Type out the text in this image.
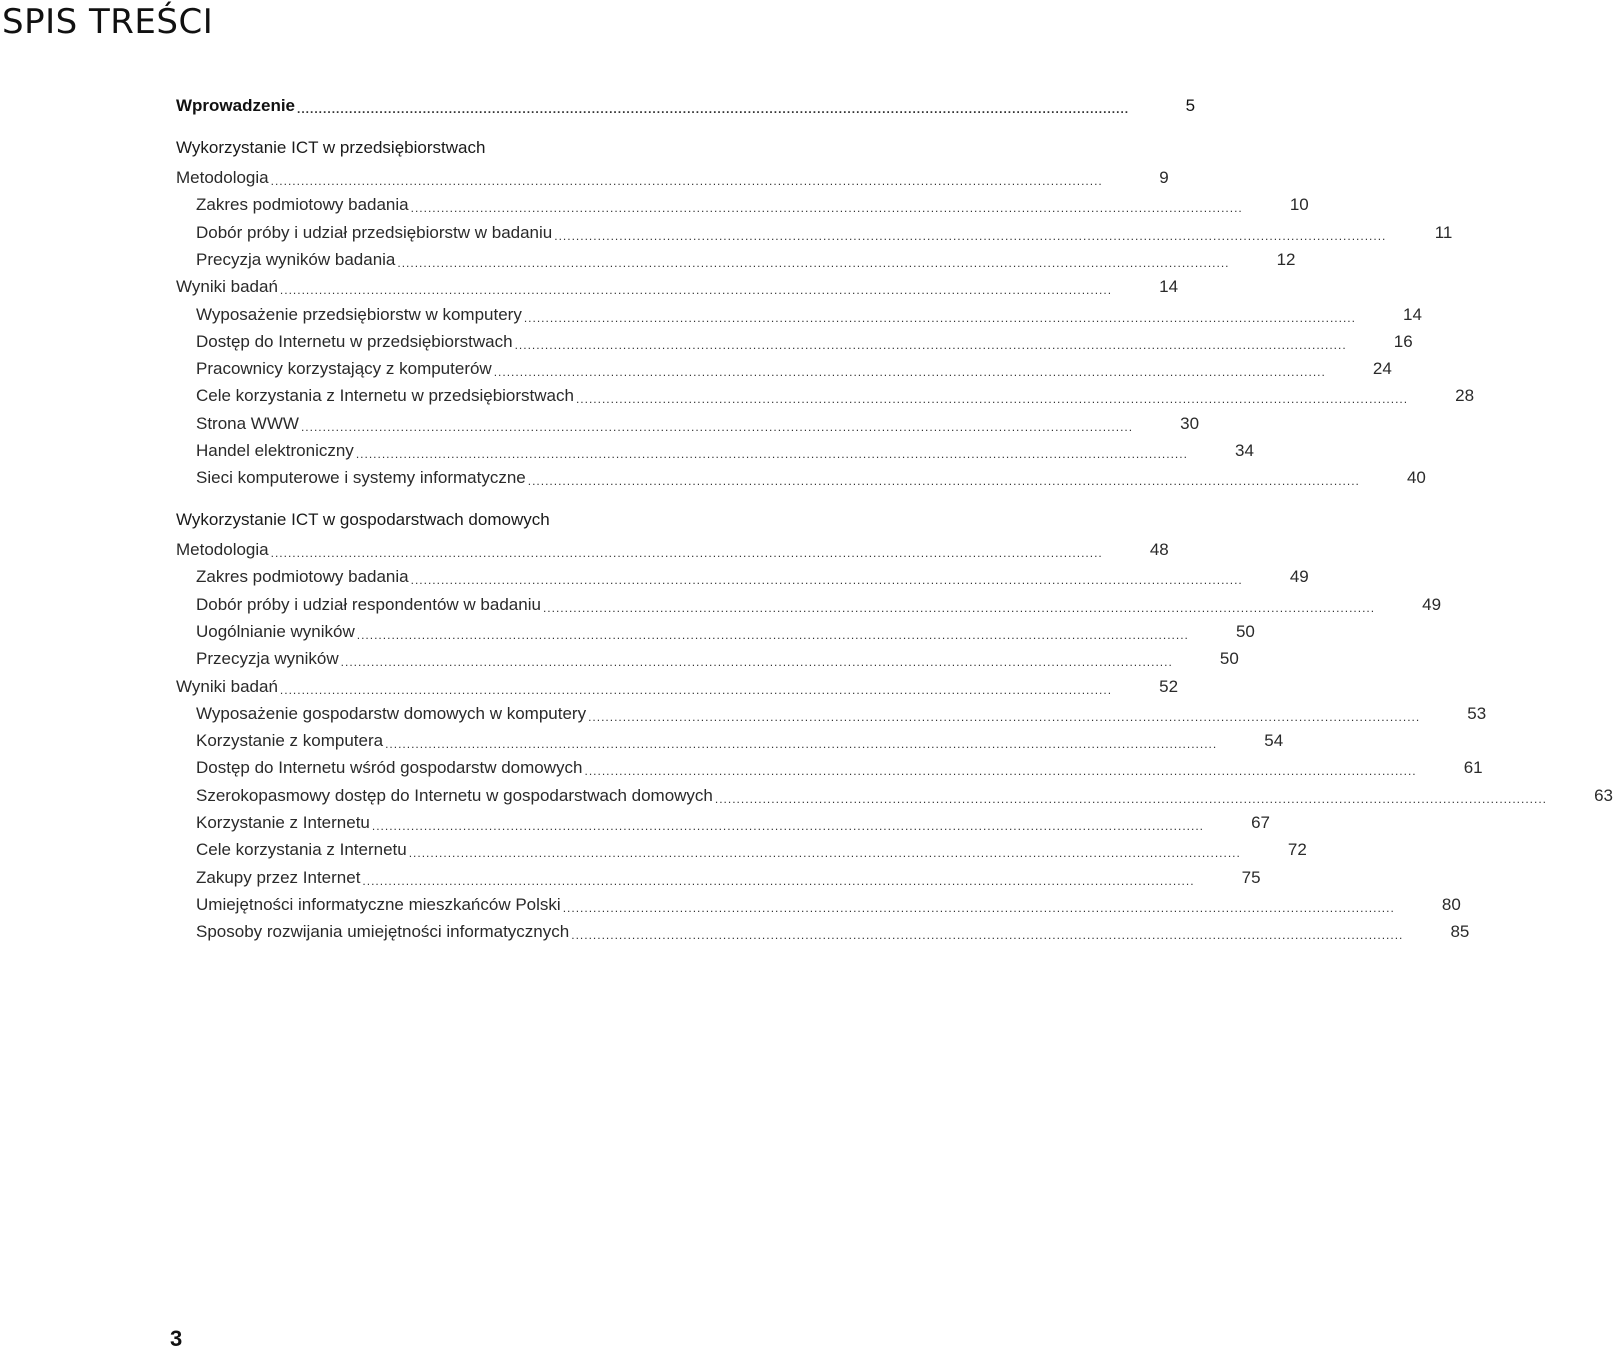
SPIS TREŚCI
Wprowadzenie .....	5
Wykorzystanie ICT w przedsiębiorstwach
Metodologia .....	9
Zakres podmiotowy badania .....	10
Dobór próby i udział przedsiębiorstw w badaniu .....	11
Precyzja wyników badania .....	12
Wyniki badań .....	14
Wyposażenie przedsiębiorstw w komputery .....	14
Dostęp do Internetu w przedsiębiorstwach .....	16
Pracownicy korzystający z komputerów .....	24
Cele korzystania z Internetu w przedsiębiorstwach .....	28
Strona WWW .....	30
Handel elektroniczny .....	34
Sieci komputerowe i systemy informatyczne .....	40
Wykorzystanie ICT w gospodarstwach domowych
Metodologia .....	48
Zakres podmiotowy badania .....	49
Dobór próby i udział respondentów w badaniu .....	49
Uogólnianie wyników .....	50
Przecyzja wyników .....	50
Wyniki badań .....	52
Wyposażenie gospodarstw domowych w komputery .....	53
Korzystanie z komputera .....	54
Dostęp do Internetu wśród gospodarstw domowych .....	61
Szerokopasmowy dostęp do Internetu w gospodarstwach domowych .....	63
Korzystanie z Internetu .....	67
Cele korzystania z Internetu .....	72
Zakupy przez Internet .....	75
Umiejętności informatyczne mieszkańców Polski .....	80
Sposoby rozwijania umiejętności informatycznych .....	85
3
